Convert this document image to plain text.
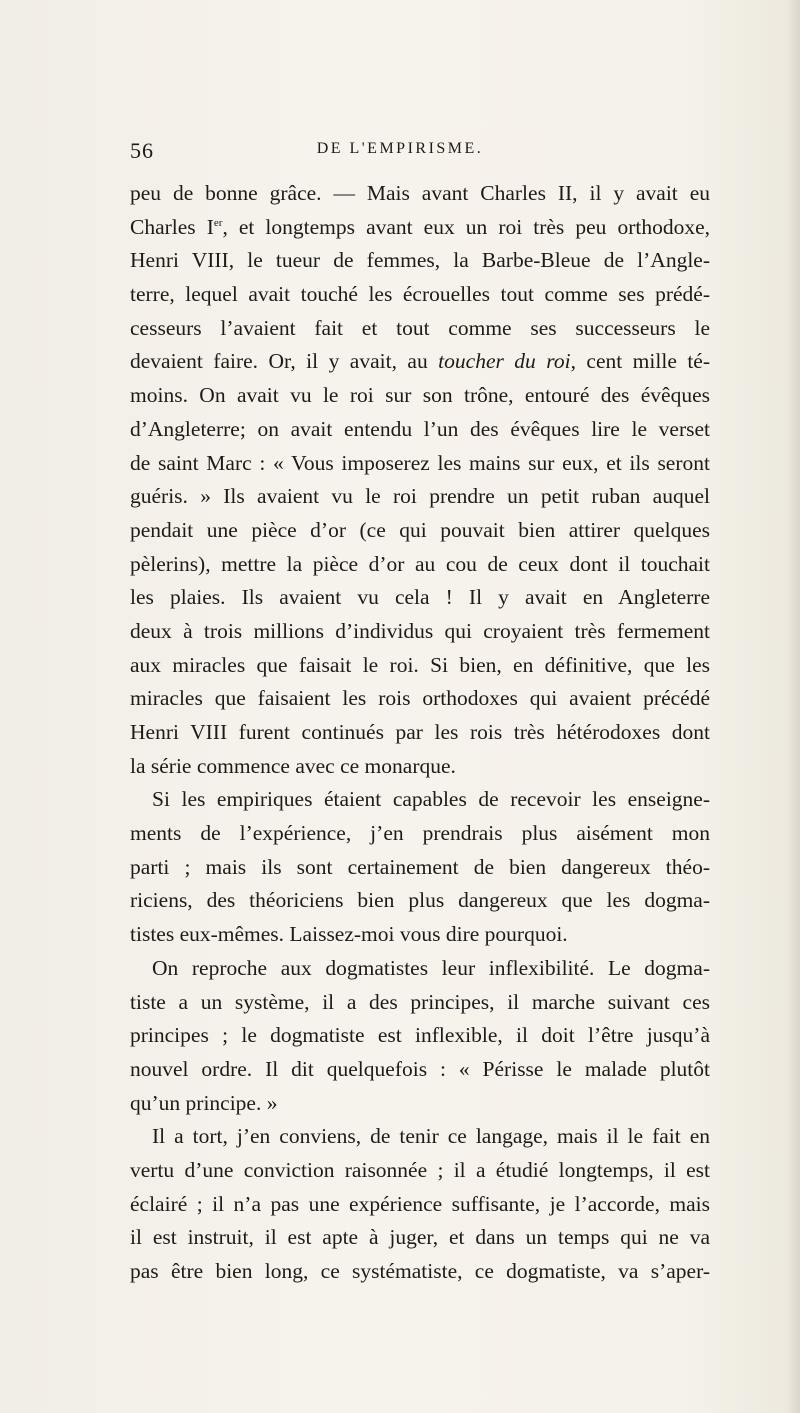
56	DE L'EMPIRISME.
peu de bonne grâce. — Mais avant Charles II, il y avait eu
Charles Ier, et longtemps avant eux un roi très peu orthodoxe,
Henri VIII, le tueur de femmes, la Barbe-Bleue de l’Angle-
terre, lequel avait touché les écrouelles tout comme ses prédé-
cesseurs l’avaient fait et tout comme ses successeurs le
devaient faire. Or, il y avait, au toucher du roi, cent mille té-
moins. On avait vu le roi sur son trône, entouré des évêques
d’Angleterre; on avait entendu l’un des évêques lire le verset
de saint Marc : « Vous imposerez les mains sur eux, et ils seront
guéris. » Ils avaient vu le roi prendre un petit ruban auquel
pendait une pièce d’or (ce qui pouvait bien attirer quelques
pèlerins), mettre la pièce d’or au cou de ceux dont il touchait
les plaies. Ils avaient vu cela ! Il y avait en Angleterre
deux à trois millions d’individus qui croyaient très fermement
aux miracles que faisait le roi. Si bien, en définitive, que les
miracles que faisaient les rois orthodoxes qui avaient précédé
Henri VIII furent continués par les rois très hétérodoxes dont
la série commence avec ce monarque.
Si les empiriques étaient capables de recevoir les enseigne-
ments de l’expérience, j’en prendrais plus aisément mon
parti ; mais ils sont certainement de bien dangereux théo-
riciens, des théoriciens bien plus dangereux que les dogma-
tistes eux-mêmes. Laissez-moi vous dire pourquoi.
On reproche aux dogmatistes leur inflexibilité. Le dogma-
tiste a un système, il a des principes, il marche suivant ces
principes ; le dogmatiste est inflexible, il doit l’être jusqu’à
nouvel ordre. Il dit quelquefois : « Périsse le malade plutôt
qu’un principe. »
Il a tort, j’en conviens, de tenir ce langage, mais il le fait en
vertu d’une conviction raisonnée ; il a étudié longtemps, il est
éclairé ; il n’a pas une expérience suffisante, je l’accorde, mais
il est instruit, il est apte à juger, et dans un temps qui ne va
pas être bien long, ce systématiste, ce dogmatiste, va s’aper-
